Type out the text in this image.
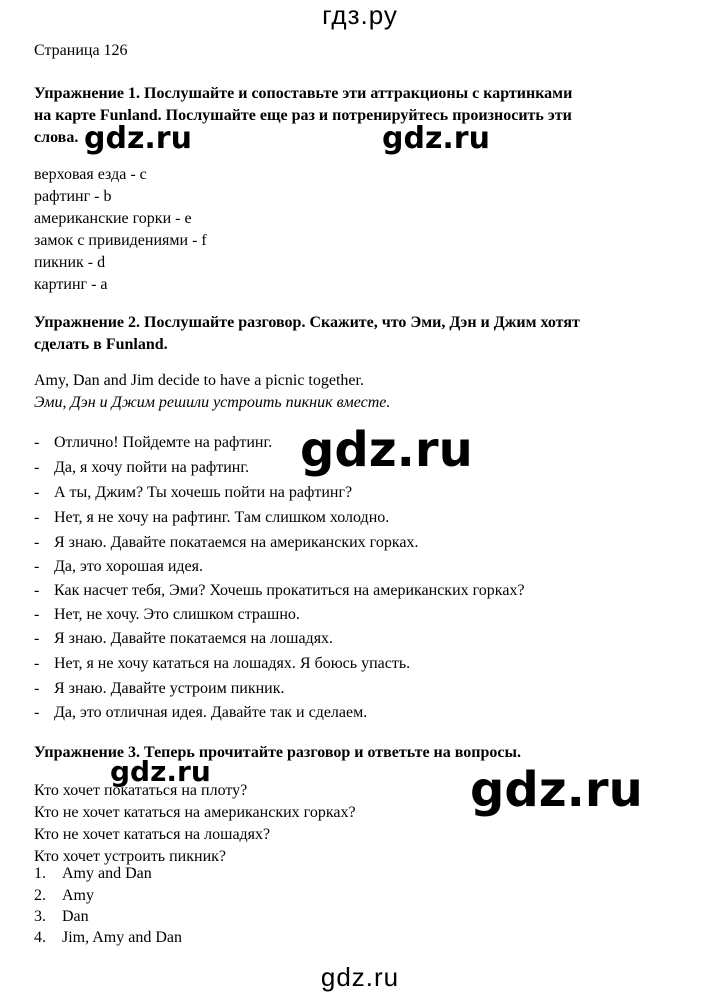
гдз.ру
Страница 126
Упражнение 1. Послушайте и сопоставьте эти аттракционы с картинками
на карте Funland. Послушайте еще раз и потренируйтесь произносить эти
слова. gdz.ru	gdz.ru
верховая езда - c
рафтинг - b
американские горки - e
замок с привидениями - f
пикник - d
картинг - a
Упражнение 2. Послушайте разговор. Скажите, что Эми, Дэн и Джим хотят
сделать в Funland.
Amy, Dan and Jim decide to have a picnic together.
Эми, Дэн и Джим решили устроить пикник вместе.
gdz.ru
- Отлично! Пойдемте на рафтинг.
- Да, я хочу пойти на рафтинг.
- А ты, Джим? Ты хочешь пойти на рафтинг?
- Нет, я не хочу на рафтинг. Там слишком холодно.
- Я знаю. Давайте покатаемся на американских горках.
- Да, это хорошая идея.
- Как насчет тебя, Эми? Хочешь прокатиться на американских горках?
- Нет, не хочу. Это слишком страшно.
- Я знаю. Давайте покатаемся на лошадях.
- Нет, я не хочу кататься на лошадях. Я боюсь упасть.
- Я знаю. Давайте устроим пикник.
- Да, это отличная идея. Давайте так и сделаем.
Упражнение 3. Теперь прочитайте разговор и ответьте на вопросы.
gdz.ru	gdz.ru
Кто хочет покататься на плоту?
Кто не хочет кататься на американских горках?
Кто не хочет кататься на лошадях?
Кто хочет устроить пикник?
1.	Amy and Dan
2.	Amy
3.	Dan
4.	Jim, Amy and Dan
gdz.ru
